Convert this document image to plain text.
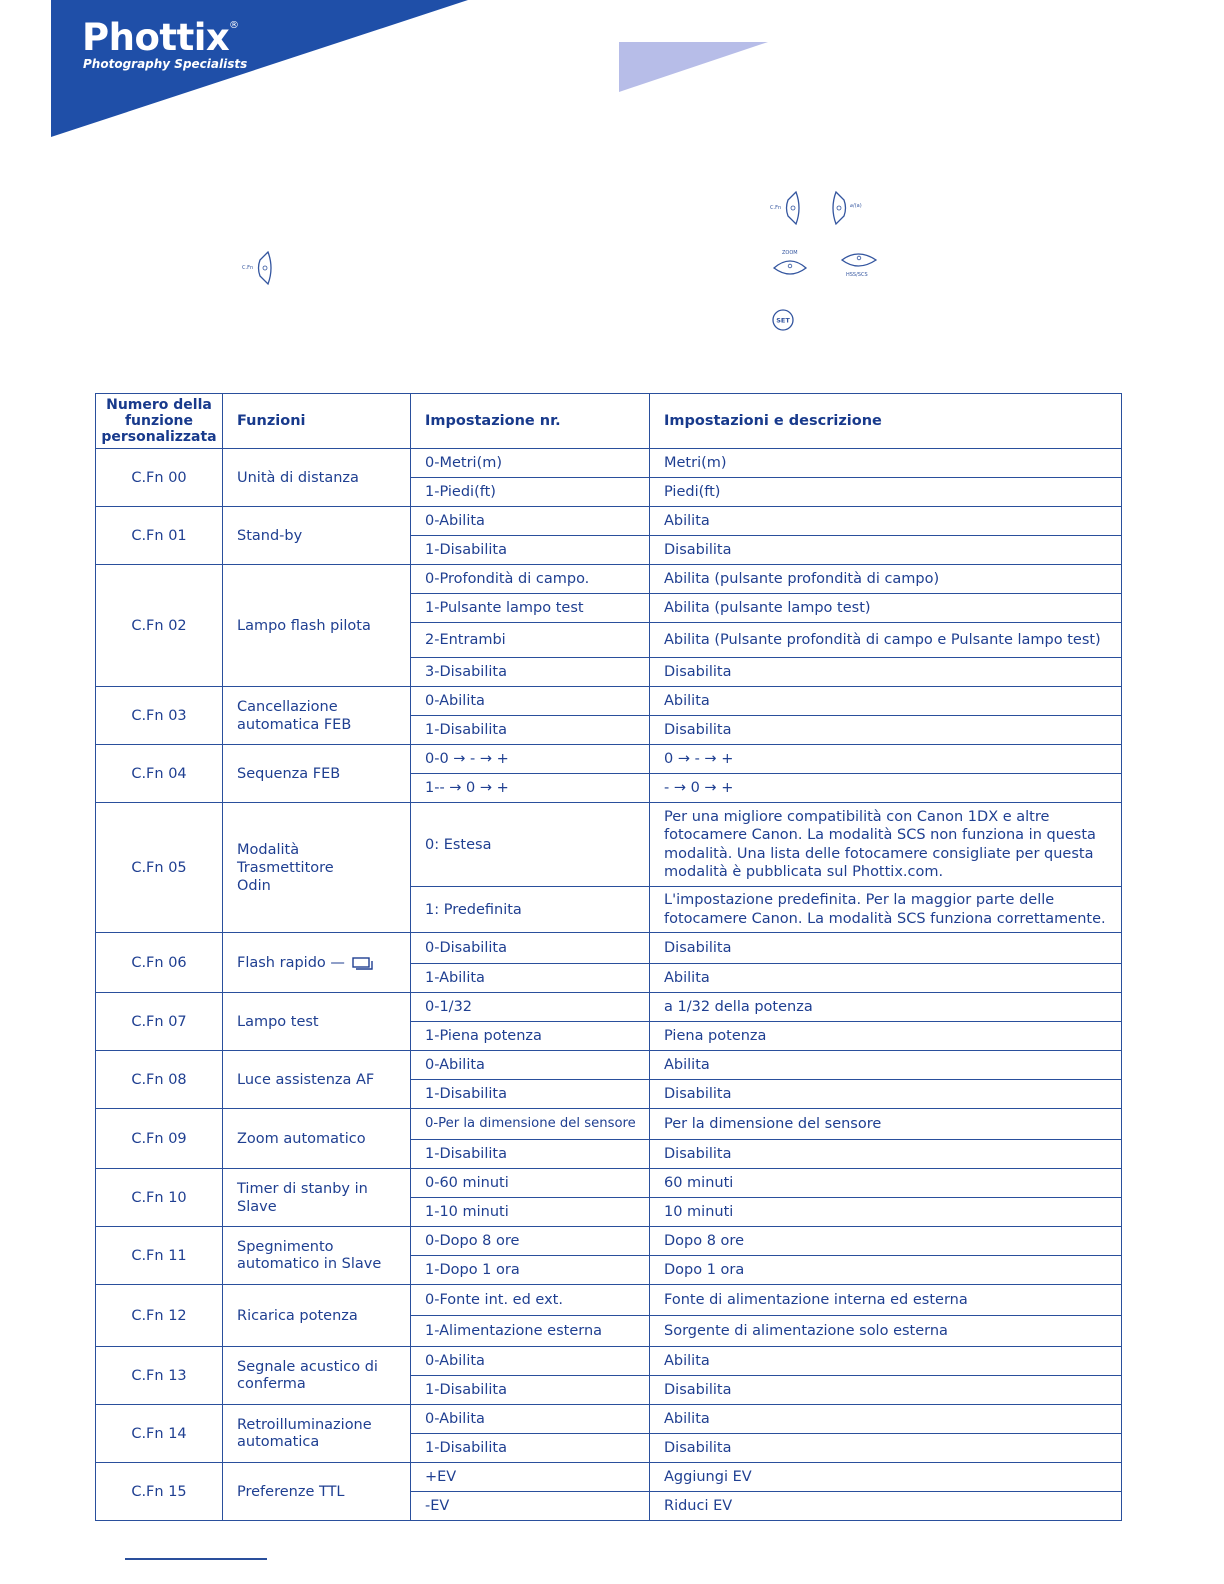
Phottix ®
Photography Specialists
C.Fn
C.Fn	⌀/(a)
ZOOM
HSS/SCS
SET
Numero della funzione personalizzata	Funzioni	Impostazione nr.	Impostazioni e descrizione
C.Fn 00	Unità di distanza	0-Metri(m)	Metri(m)
		1-Piedi(ft)	Piedi(ft)
C.Fn 01	Stand-by	0-Abilita	Abilita
		1-Disabilita	Disabilita
C.Fn 02	Lampo flash pilota	0-Profondità di campo.	Abilita (pulsante profondità di campo)
		1-Pulsante lampo test	Abilita (pulsante lampo test)
		2-Entrambi	Abilita (Pulsante profondità di campo e Pulsante lampo test)
		3-Disabilita	Disabilita
C.Fn 03	Cancellazione automatica FEB	0-Abilita	Abilita
		1-Disabilita	Disabilita
C.Fn 04	Sequenza FEB	0-0 → - → +	0 → - → +
		1-- → 0 → +	- → 0 → +
C.Fn 05	Modalità Trasmettitore Odin	0: Estesa	Per una migliore compatibilità con Canon 1DX e altre fotocamere Canon. La modalità SCS non funziona in questa modalità. Una lista delle fotocamere consigliate per questa modalità è pubblicata sul Phottix.com.
		1: Predefinita	L'impostazione predefinita. Per la maggior parte delle fotocamere Canon. La modalità SCS funziona correttamente.
C.Fn 06	Flash rapido —	0-Disabilita	Disabilita
		1-Abilita	Abilita
C.Fn 07	Lampo test	0-1/32	a 1/32 della potenza
		1-Piena potenza	Piena potenza
C.Fn 08	Luce assistenza AF	0-Abilita	Abilita
		1-Disabilita	Disabilita
C.Fn 09	Zoom automatico	0-Per la dimensione del sensore	Per la dimensione del sensore
		1-Disabilita	Disabilita
C.Fn 10	Timer di stanby in Slave	0-60 minuti	60 minuti
		1-10 minuti	10 minuti
C.Fn 11	Spegnimento automatico in Slave	0-Dopo 8 ore	Dopo 8 ore
		1-Dopo 1 ora	Dopo 1 ora
C.Fn 12	Ricarica potenza	0-Fonte int. ed ext.	Fonte di alimentazione interna ed esterna
		1-Alimentazione esterna	Sorgente di alimentazione solo esterna
C.Fn 13	Segnale acustico di conferma	0-Abilita	Abilita
		1-Disabilita	Disabilita
C.Fn 14	Retroilluminazione automatica	0-Abilita	Abilita
		1-Disabilita	Disabilita
C.Fn 15	Preferenze TTL	+EV	Aggiungi EV
		-EV	Riduci EV
